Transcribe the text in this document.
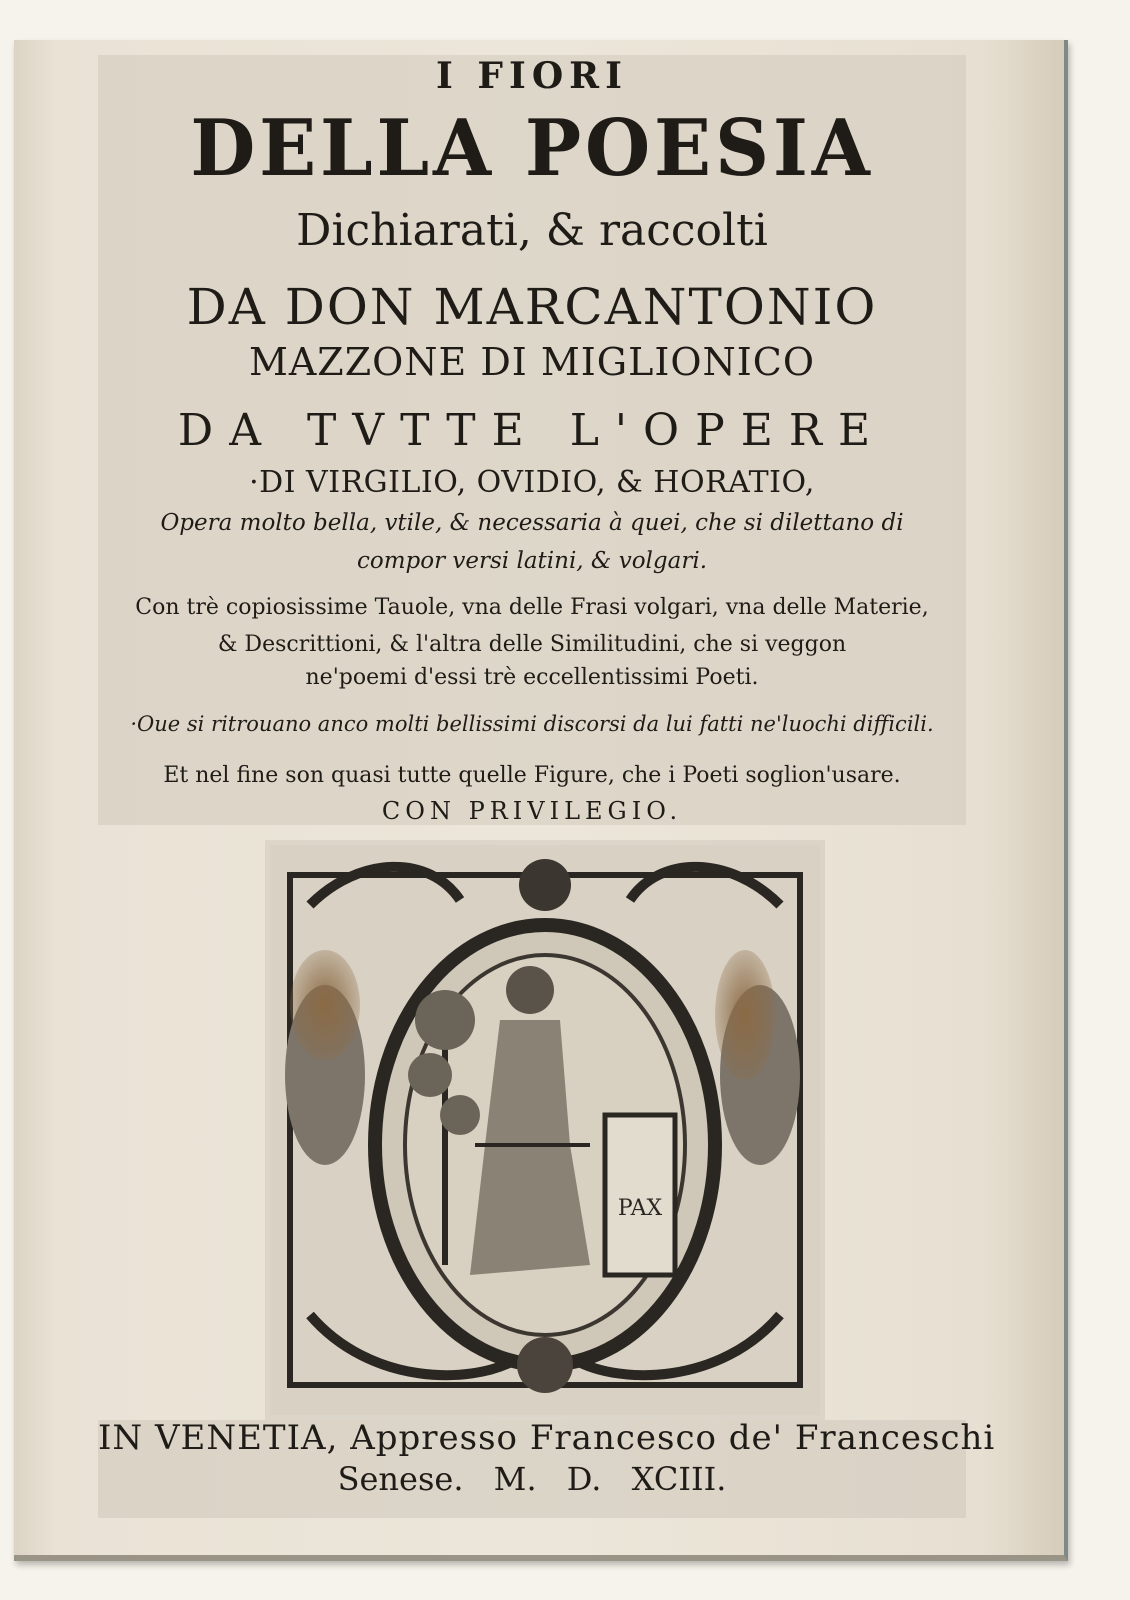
I FIORI
DELLA POESIA
Dichiarati, & raccolti
DA DON MARCANTONIO
MAZZONE DI MIGLIONICO
DA TVTTE L'OPERE
·DI VIRGILIO, OVIDIO, & HORATIO,
Opera molto bella, vtile, & necessaria à quei, che si dilettano di
compor versi latini, & volgari.
Con trè copiosissime Tauole, vna delle Frasi volgari, vna delle Materie,
& Descrittioni, & l'altra delle Similitudini, che si veggon
ne'poemi d'essi trè eccellentissimi Poeti.
·Oue si ritrouano anco molti bellissimi discorsi da lui fatti ne'luochi difficili.
Et nel fine son quasi tutte quelle Figure, che i Poeti soglion'usare.
CON PRIVILEGIO.
PAX
IN VENETIA, Appresso Francesco de' Franceschi
Senese. M. D. XCIII.
